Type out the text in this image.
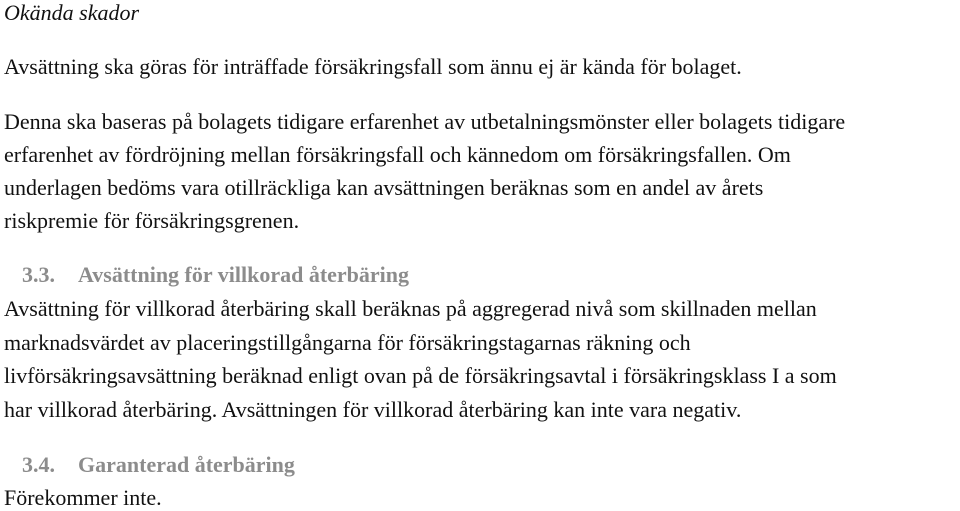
Okända skador

Avsättning ska göras för inträffade försäkringsfall som ännu ej är kända för bolaget.

Denna ska baseras på bolagets tidigare erfarenhet av utbetalningsmönster eller bolagets tidigare

erfarenhet av fördröjning mellan försäkringsfall och kännedom om försäkringsfallen. Om

underlagen bedöms vara otillräckliga kan avsättningen beräknas som en andel av årets

riskpremie för försäkringsgrenen.

3.3. Avsättning för villkorad återbäring

Avsättning för villkorad återbäring skall beräknas på aggregerad nivå som skillnaden mellan

marknadsvärdet av placeringstillgångarna för försäkringstagarnas räkning och

livförsäkringsavsättning beräknad enligt ovan på de försäkringsavtal i försäkringsklass I a som

har villkorad återbäring. Avsättningen för villkorad återbäring kan inte vara negativ.

3.4. Garanterad återbäring

Förekommer inte.
